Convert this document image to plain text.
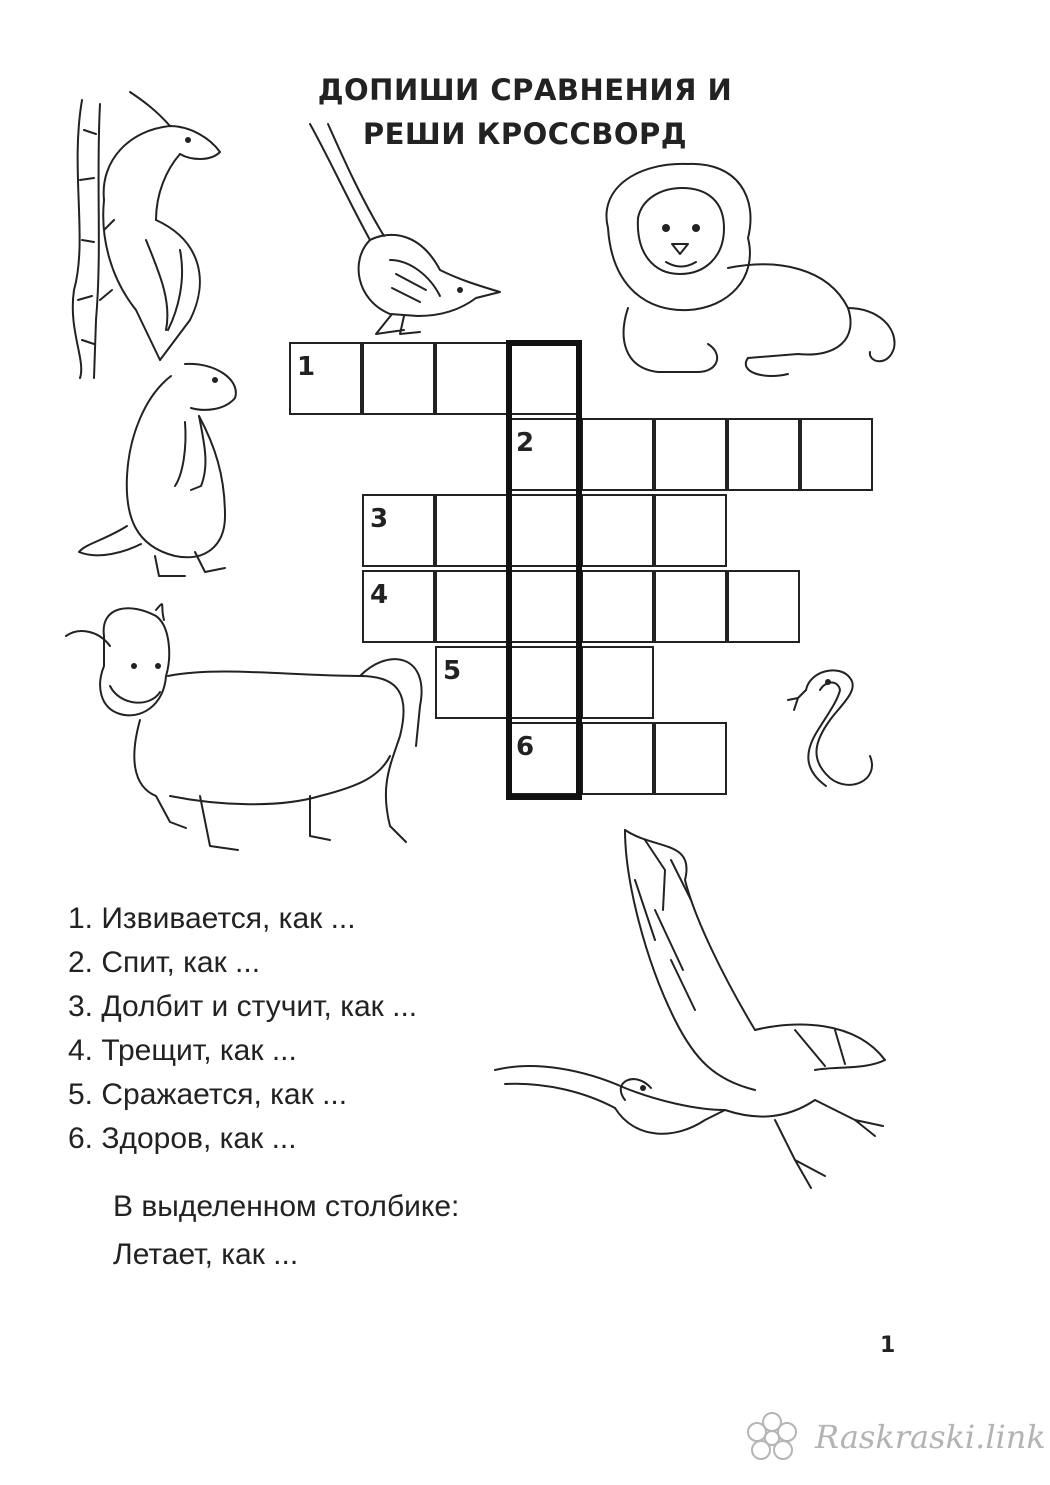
ДОПИШИ СРАВНЕНИЯ И
РЕШИ КРОССВОРД
1
2
3
4
5
6
1. Извивается, как ...
2. Спит, как ...
3. Долбит и стучит, как ...
4. Трещит, как ...
5. Сражается, как ...
6. Здоров, как ...
В выделенном столбике:
Летает, как ...
1
Raskraski.link
